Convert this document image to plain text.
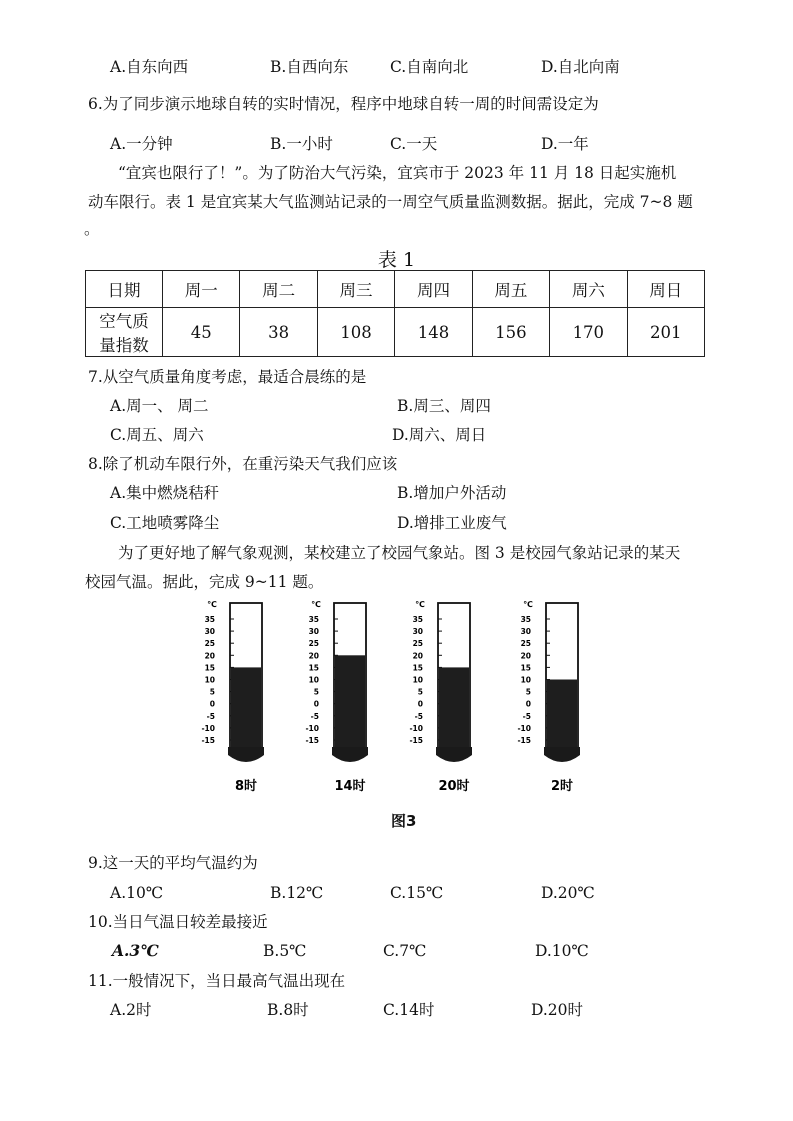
A.自东向西	B.自西向东	C.自南向北	D.自北向南
6.为了同步演示地球自转的实时情况，程序中地球自转一周的时间需设定为
A.一分钟	B.一小时	C.一天	D.一年
“宜宾也限行了！”。为了防治大气污染，宜宾市于 2023 年 11 月 18 日起实施机
动车限行。表 1 是宜宾某大气监测站记录的一周空气质量监测数据。据此，完成 7~8 题
。
表 1
日期	周一	周二	周三	周四	周五	周六	周日

空气质
量指数	45	38	108	148	156	170	201
7.从空气质量角度考虑，最适合晨练的是
A.周一、 周二	B.周三、周四
C.周五、周六	D.周六、周日
8.除了机动车限行外，在重污染天气我们应该
A.集中燃烧秸秆	B.增加户外活动
C.工地喷雾降尘	D.增排工业废气
为了更好地了解气象观测，某校建立了校园气象站。图 3 是校园气象站记录的某天
校园气温。据此，完成 9~11 题。
℃
35
30
25
20
15
10
5
0
-5
-10
-15
8时
℃
35
30
25
20
15
10
5
0
-5
-10
-15
14时
℃
35
30
25
20
15
10
5
0
-5
-10
-15
20时
℃
35
30
25
20
15
10
5
0
-5
-10
-15
2时
图3
9.这一天的平均气温约为
A.10℃	B.12℃	C.15℃	D.20℃
10.当日气温日较差最接近
A.3℃	B.5℃	C.7℃	D.10℃
11.一般情况下，当日最高气温出现在
A.2时	B.8时	C.14时	D.20时
